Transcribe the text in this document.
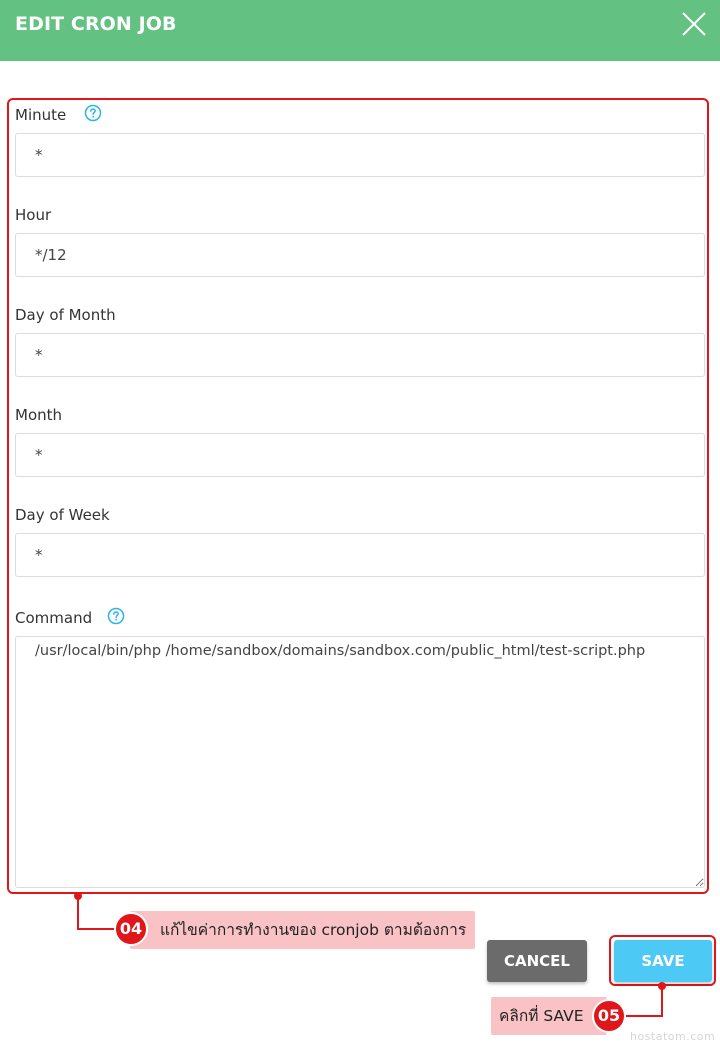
EDIT CRON JOB
Minute
*
Hour
*/12
Day of Month
*
Month
*
Day of Week
*
Command
/usr/local/bin/php /home/sandbox/domains/sandbox.com/public_html/test-script.php
แก้ไขค่าการทำงานของ cronjob ตามต้องการ
04
CANCEL	SAVE
คลิกที่ SAVE 05
hostatom.com
